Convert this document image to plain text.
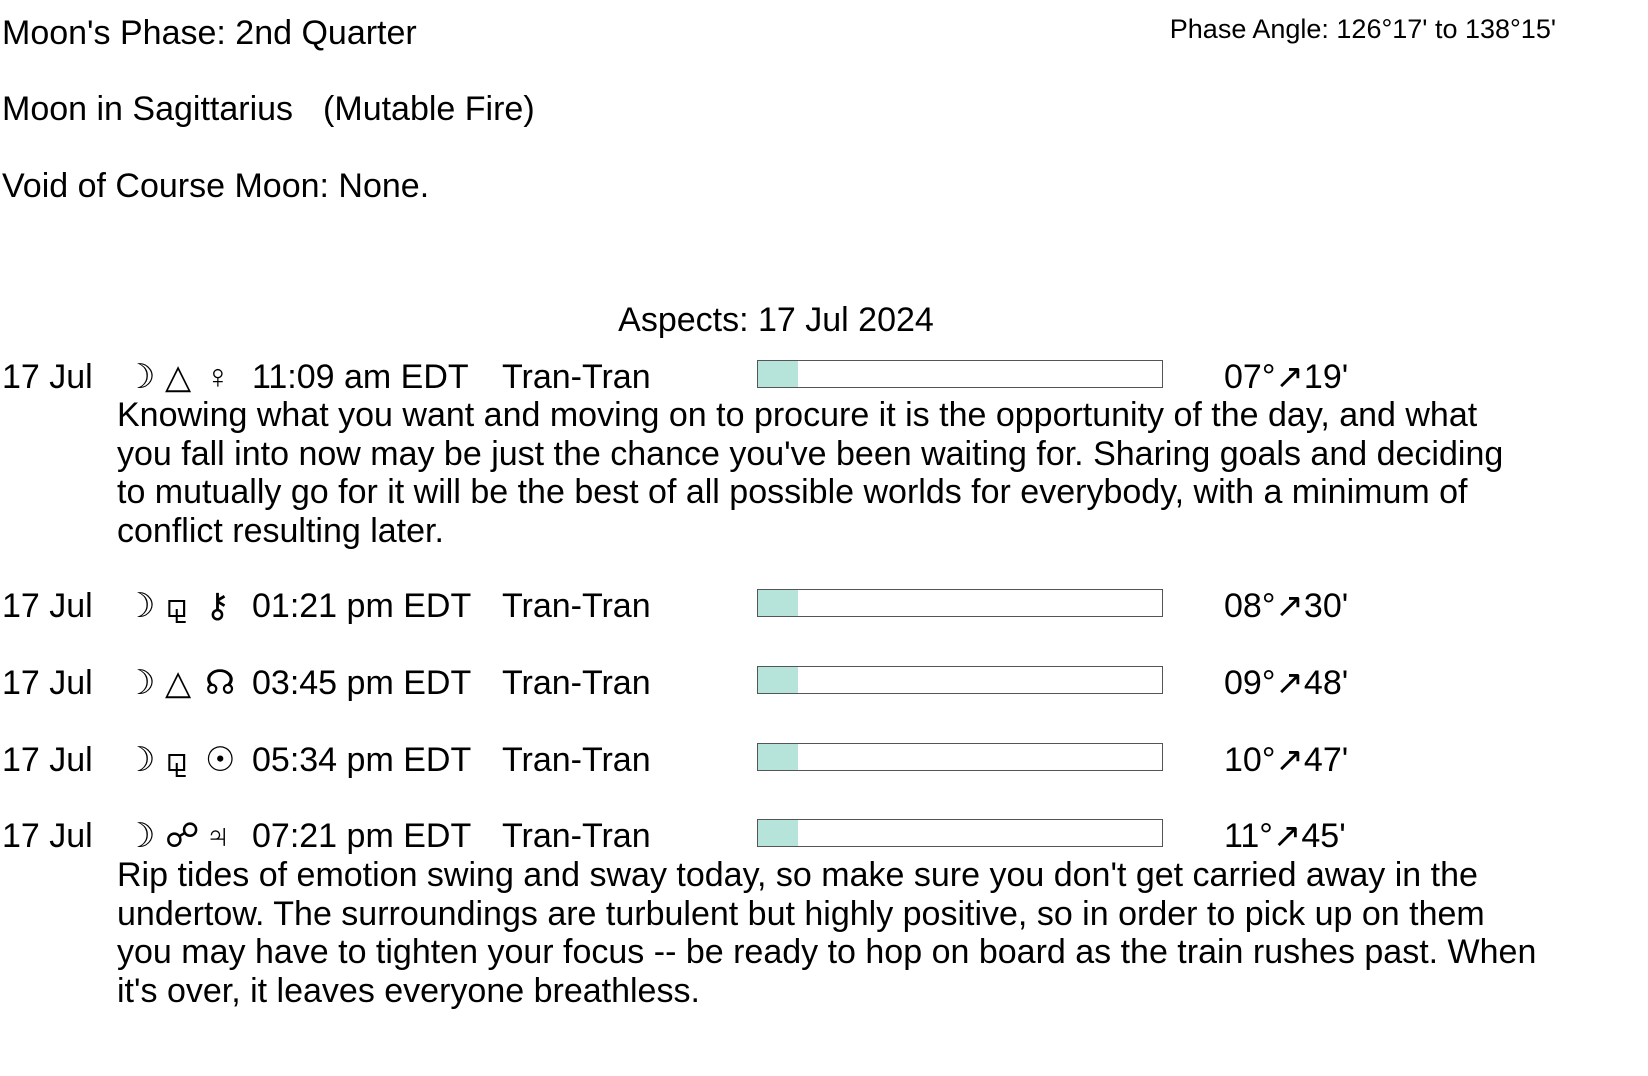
Moon's Phase: 2nd Quarter	Phase Angle: 126°17' to 138°15'
Moon in Sagittarius (Mutable Fire)
Void of Course Moon: None.
Aspects: 17 Jul 2024
17 Jul ☽ △ ♀ 11:09 am EDT Tran-Tran	07°↗19'
Knowing what you want and moving on to procure it is the opportunity of the day, and what you fall into now may be just the chance you've been waiting for. Sharing goals and deciding to mutually go for it will be the best of all possible worlds for everybody, with a minimum of conflict resulting later.
17 Jul ☽ ⚼ ⚷ 01:21 pm EDT Tran-Tran	08°↗30'
17 Jul ☽ △ ☊ 03:45 pm EDT Tran-Tran	09°↗48'
17 Jul ☽ ⚼ ☉ 05:34 pm EDT Tran-Tran	10°↗47'
17 Jul ☽ ☍ ♃ 07:21 pm EDT Tran-Tran	11°↗45'
Rip tides of emotion swing and sway today, so make sure you don't get carried away in the undertow. The surroundings are turbulent but highly positive, so in order to pick up on them you may have to tighten your focus -- be ready to hop on board as the train rushes past. When it's over, it leaves everyone breathless.
